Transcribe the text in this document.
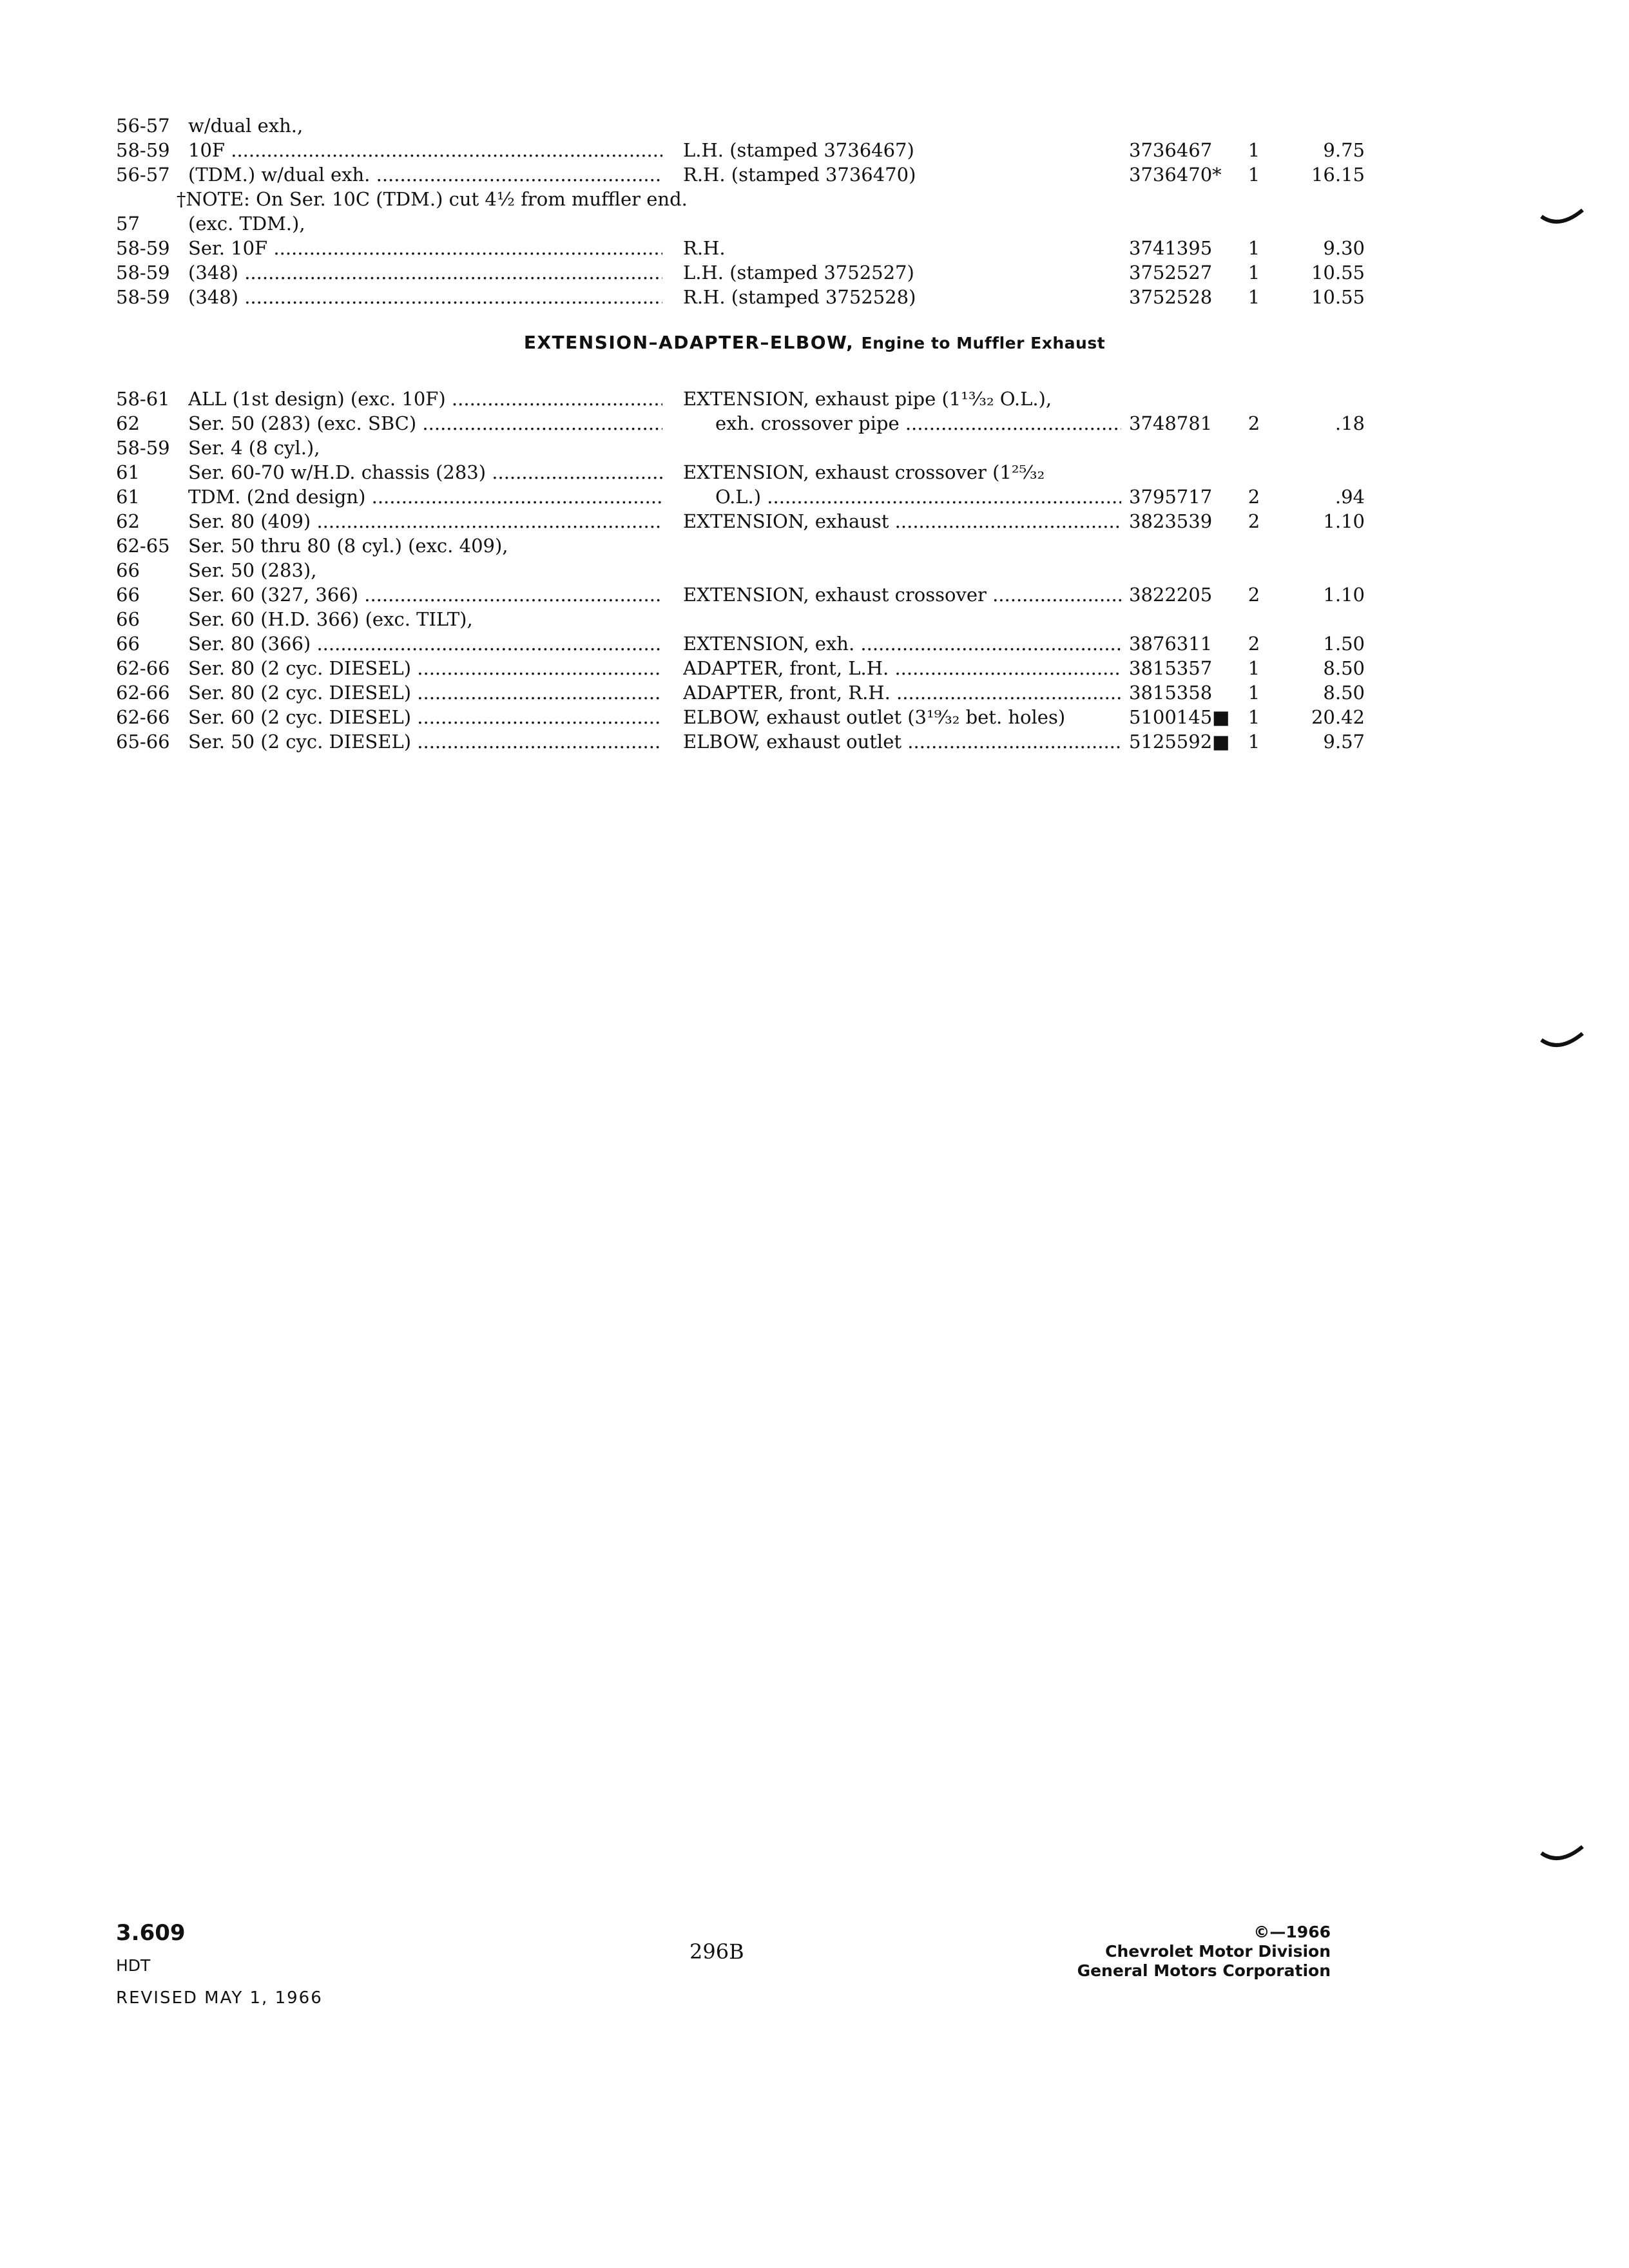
56-57 w/dual exh.,
58-59 10F .....	L.H. (stamped 3736467)	3736467	1	9.75
56-57 (TDM.) w/dual exh. .....	R.H. (stamped 3736470)	3736470*	1	16.15
†NOTE: On Ser. 10C (TDM.) cut 4½ from muffler end.
57	(exc. TDM.),
58-59 Ser. 10F .....	R.H.	3741395	1	9.30
58-59 (348) .....	L.H. (stamped 3752527)	3752527	1	10.55
58-59 (348) .....	R.H. (stamped 3752528)	3752528	1	10.55
EXTENSION–ADAPTER–ELBOW, Engine to Muffler Exhaust
58-61 ALL (1st design) (exc. 10F) .....	EXTENSION, exhaust pipe (1¹³⁄₃₂ O.L.),
62	Ser. 50 (283) (exc. SBC) .....	exh. crossover pipe .....	3748781	2	.18
58-59 Ser. 4 (8 cyl.),
61	Ser. 60-70 w/H.D. chassis (283) .....	EXTENSION, exhaust crossover (1²⁵⁄₃₂
61	TDM. (2nd design) .....	O.L.) .....	3795717	2	.94
62	Ser. 80 (409) .....	EXTENSION, exhaust .....	3823539	2	1.10
62-65 Ser. 50 thru 80 (8 cyl.) (exc. 409),
66	Ser. 50 (283),
66	Ser. 60 (327, 366) .....	EXTENSION, exhaust crossover .....	3822205	2	1.10
66	Ser. 60 (H.D. 366) (exc. TILT),
66	Ser. 80 (366) .....	EXTENSION, exh. .....	3876311	2	1.50
62-66 Ser. 80 (2 cyc. DIESEL) .....	ADAPTER, front, L.H. .....	3815357	1	8.50
62-66 Ser. 80 (2 cyc. DIESEL) .....	ADAPTER, front, R.H. .....	3815358	1	8.50
62-66 Ser. 60 (2 cyc. DIESEL) .....	ELBOW, exhaust outlet (3¹⁹⁄₃₂ bet. holes)	5100145■ 1	20.42
65-66 Ser. 50 (2 cyc. DIESEL) .....	ELBOW, exhaust outlet .....	5125592■ 1	9.57
3.609
HDT
REVISED MAY 1, 1966
296B
©—1966
Chevrolet Motor Division
General Motors Corporation
